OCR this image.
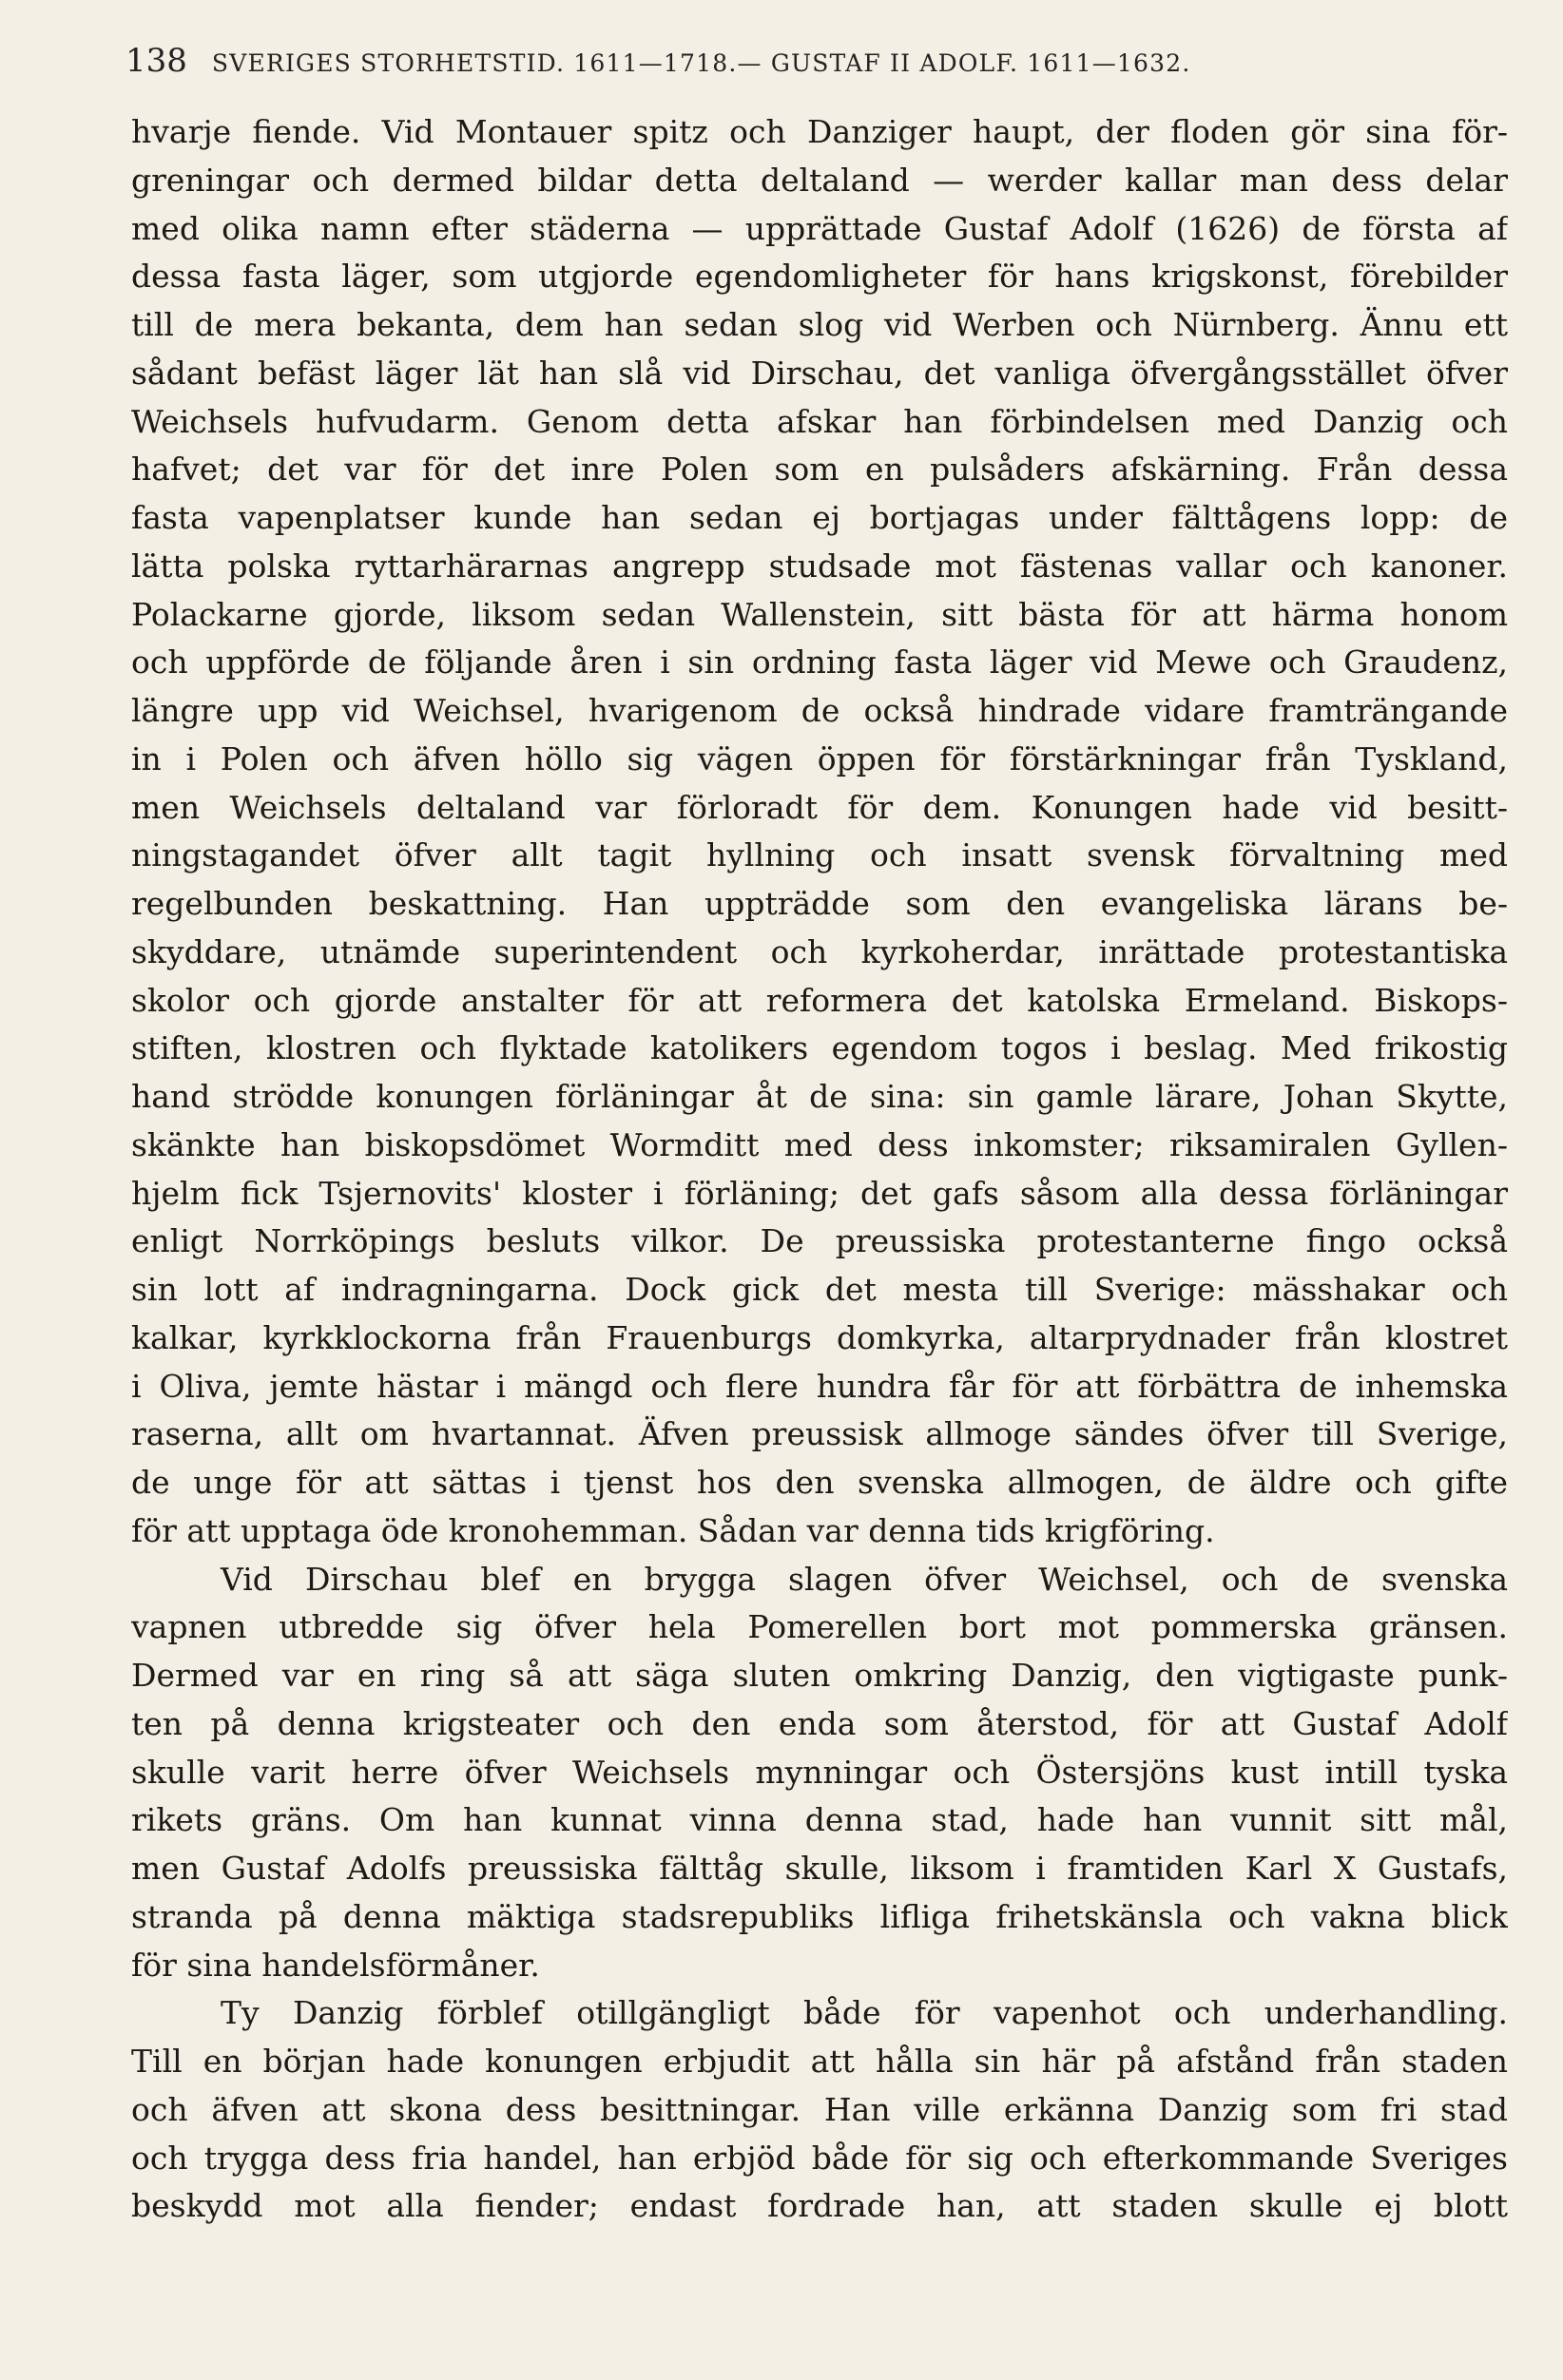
138 SVERIGES STORHETSTID. 1611—1718.— GUSTAF II ADOLF. 1611—1632.
hvarje fiende. Vid Montauer spitz och Danziger haupt, der floden gör sina för-
greningar och dermed bildar detta deltaland — werder kallar man dess delar
med olika namn efter städerna — upprättade Gustaf Adolf (1626) de första af
dessa fasta läger, som utgjorde egendomligheter för hans krigskonst, förebilder
till de mera bekanta, dem han sedan slog vid Werben och Nürnberg. Ännu ett
sådant befäst läger lät han slå vid Dirschau, det vanliga öfvergångsstället öfver
Weichsels hufvudarm. Genom detta afskar han förbindelsen med Danzig och
hafvet; det var för det inre Polen som en pulsåders afskärning. Från dessa
fasta vapenplatser kunde han sedan ej bortjagas under fälttågens lopp: de
lätta polska ryttarhärarnas angrepp studsade mot fästenas vallar och kanoner.
Polackarne gjorde, liksom sedan Wallenstein, sitt bästa för att härma honom
och uppförde de följande åren i sin ordning fasta läger vid Mewe och Graudenz,
längre upp vid Weichsel, hvarigenom de också hindrade vidare framträngande
in i Polen och äfven höllo sig vägen öppen för förstärkningar från Tyskland,
men Weichsels deltaland var förloradt för dem. Konungen hade vid besitt-
ningstagandet öfver allt tagit hyllning och insatt svensk förvaltning med
regelbunden beskattning. Han uppträdde som den evangeliska lärans be-
skyddare, utnämde superintendent och kyrkoherdar, inrättade protestantiska
skolor och gjorde anstalter för att reformera det katolska Ermeland. Biskops-
stiften, klostren och flyktade katolikers egendom togos i beslag. Med frikostig
hand strödde konungen förläningar åt de sina: sin gamle lärare, Johan Skytte,
skänkte han biskopsdömet Wormditt med dess inkomster; riksamiralen Gyllen-
hjelm fick Tsjernovits' kloster i förläning; det gafs såsom alla dessa förläningar
enligt Norrköpings besluts vilkor. De preussiska protestanterne fingo också
sin lott af indragningarna. Dock gick det mesta till Sverige: mässhakar och
kalkar, kyrkklockorna från Frauenburgs domkyrka, altarprydnader från klostret
i Oliva, jemte hästar i mängd och flere hundra får för att förbättra de inhemska
raserna, allt om hvartannat. Äfven preussisk allmoge sändes öfver till Sverige,
de unge för att sättas i tjenst hos den svenska allmogen, de äldre och gifte
för att upptaga öde kronohemman. Sådan var denna tids krigföring.
Vid Dirschau blef en brygga slagen öfver Weichsel, och de svenska
vapnen utbredde sig öfver hela Pomerellen bort mot pommerska gränsen.
Dermed var en ring så att säga sluten omkring Danzig, den vigtigaste punk-
ten på denna krigsteater och den enda som återstod, för att Gustaf Adolf
skulle varit herre öfver Weichsels mynningar och Östersjöns kust intill tyska
rikets gräns. Om han kunnat vinna denna stad, hade han vunnit sitt mål,
men Gustaf Adolfs preussiska fälttåg skulle, liksom i framtiden Karl X Gustafs,
stranda på denna mäktiga stadsrepubliks lifliga frihetskänsla och vakna blick
för sina handelsförmåner.
Ty Danzig förblef otillgängligt både för vapenhot och underhandling.
Till en början hade konungen erbjudit att hålla sin här på afstånd från staden
och äfven att skona dess besittningar. Han ville erkänna Danzig som fri stad
och trygga dess fria handel, han erbjöd både för sig och efterkommande Sveriges
beskydd mot alla fiender; endast fordrade han, att staden skulle ej blott
